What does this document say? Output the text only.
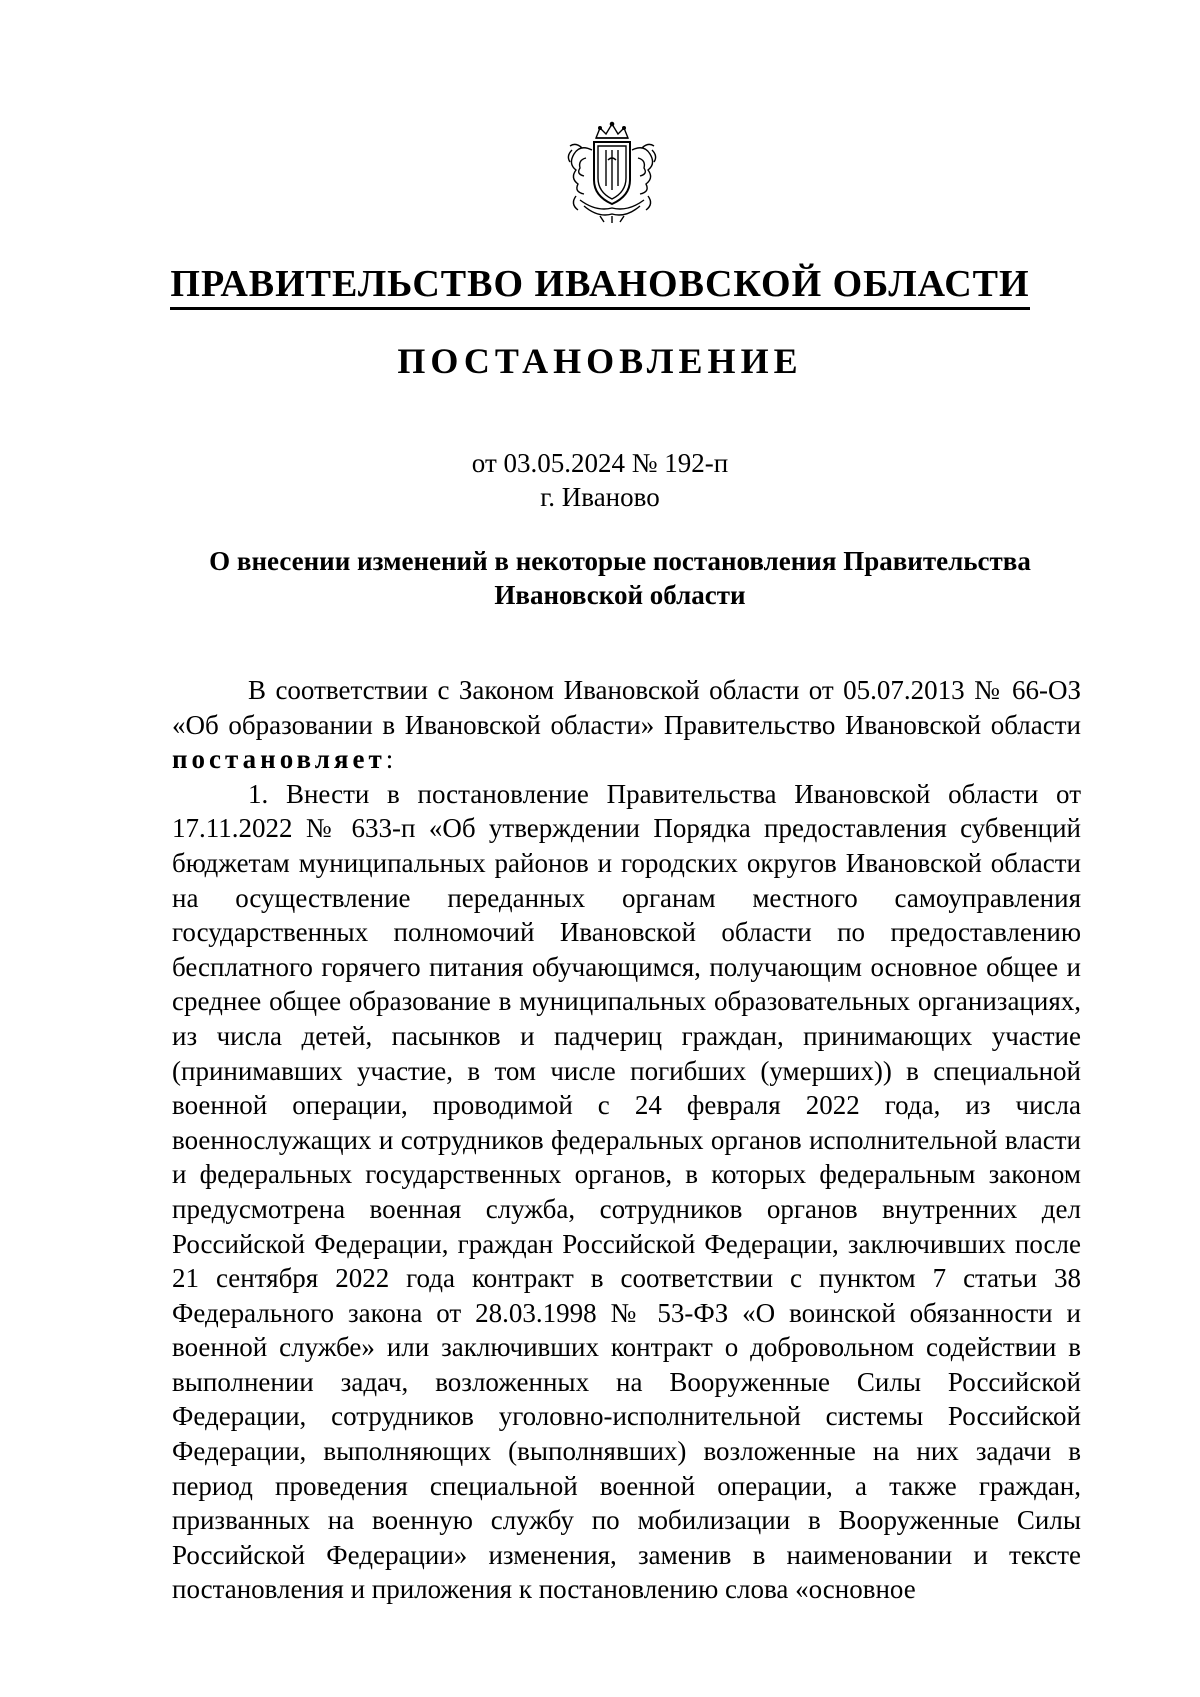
ПРАВИТЕЛЬСТВО ИВАНОВСКОЙ ОБЛАСТИ
ПОСТАНОВЛЕНИЕ
от 03.05.2024 № 192-п
г. Иваново
О внесении изменений в некоторые постановления Правительства Ивановской области

В соответствии с Законом Ивановской области от 05.07.2013 № 66-ОЗ «Об образовании в Ивановской области» Правительство Ивановской области постановляет:

1. Внести в постановление Правительства Ивановской области от 17.11.2022 № 633-п «Об утверждении Порядка предоставления субвенций бюджетам муниципальных районов и городских округов Ивановской области на осуществление переданных органам местного самоуправления государственных полномочий Ивановской области по предоставлению бесплатного горячего питания обучающимся, получающим основное общее и среднее общее образование в муниципальных образовательных организациях, из числа детей, пасынков и падчериц граждан, принимающих участие (принимавших участие, в том числе погибших (умерших)) в специальной военной операции, проводимой с 24 февраля 2022 года, из числа военнослужащих и сотрудников федеральных органов исполнительной власти и федеральных государственных органов, в которых федеральным законом предусмотрена военная служба, сотрудников органов внутренних дел Российской Федерации, граждан Российской Федерации, заключивших после 21 сентября 2022 года контракт в соответствии с пунктом 7 статьи 38 Федерального закона от 28.03.1998 № 53-ФЗ «О воинской обязанности и военной службе» или заключивших контракт о добровольном содействии в выполнении задач, возложенных на Вооруженные Силы Российской Федерации, сотрудников уголовно-исполнительной системы Российской Федерации, выполняющих (выполнявших) возложенные на них задачи в период проведения специальной военной операции, а также граждан, призванных на военную службу по мобилизации в Вооруженные Силы Российской Федерации» изменения, заменив в наименовании и тексте постановления и приложения к постановлению слова «основное
